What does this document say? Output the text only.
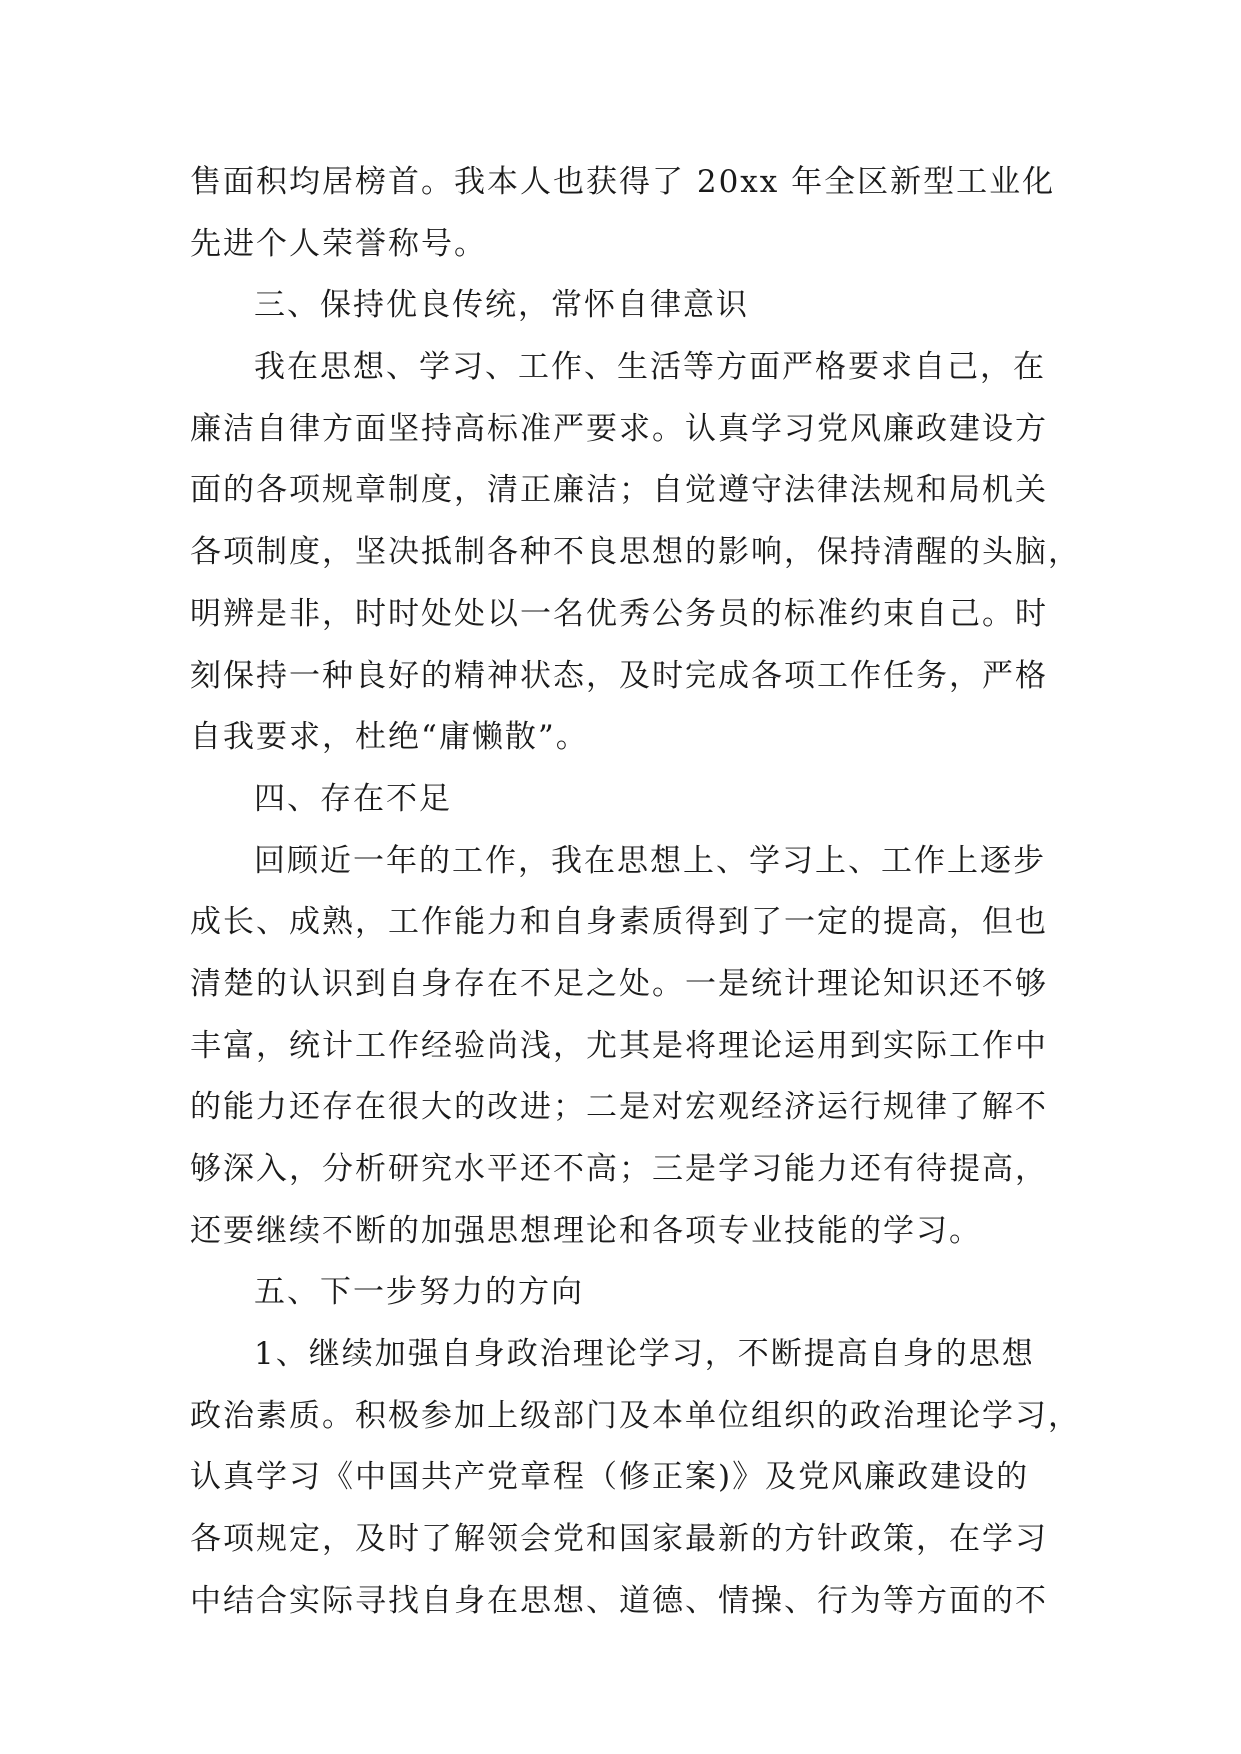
售面积均居榜首。我本人也获得了 20xx 年全区新型工业化
先进个人荣誉称号。
三、保持优良传统，常怀自律意识
我在思想、学习、工作、生活等方面严格要求自己，在
廉洁自律方面坚持高标准严要求。认真学习党风廉政建设方
面的各项规章制度，清正廉洁；自觉遵守法律法规和局机关
各项制度，坚决抵制各种不良思想的影响，保持清醒的头脑，
明辨是非，时时处处以一名优秀公务员的标准约束自己。时
刻保持一种良好的精神状态，及时完成各项工作任务，严格
自我要求，杜绝“庸懒散”。
四、存在不足
回顾近一年的工作，我在思想上、学习上、工作上逐步
成长、成熟，工作能力和自身素质得到了一定的提高，但也
清楚的认识到自身存在不足之处。一是统计理论知识还不够
丰富，统计工作经验尚浅，尤其是将理论运用到实际工作中
的能力还存在很大的改进；二是对宏观经济运行规律了解不
够深入，分析研究水平还不高；三是学习能力还有待提高，
还要继续不断的加强思想理论和各项专业技能的学习。
五、下一步努力的方向
1、继续加强自身政治理论学习，不断提高自身的思想
政治素质。积极参加上级部门及本单位组织的政治理论学习，
认真学习《中国共产党章程（修正案)》及党风廉政建设的
各项规定，及时了解领会党和国家最新的方针政策，在学习
中结合实际寻找自身在思想、道德、情操、行为等方面的不
